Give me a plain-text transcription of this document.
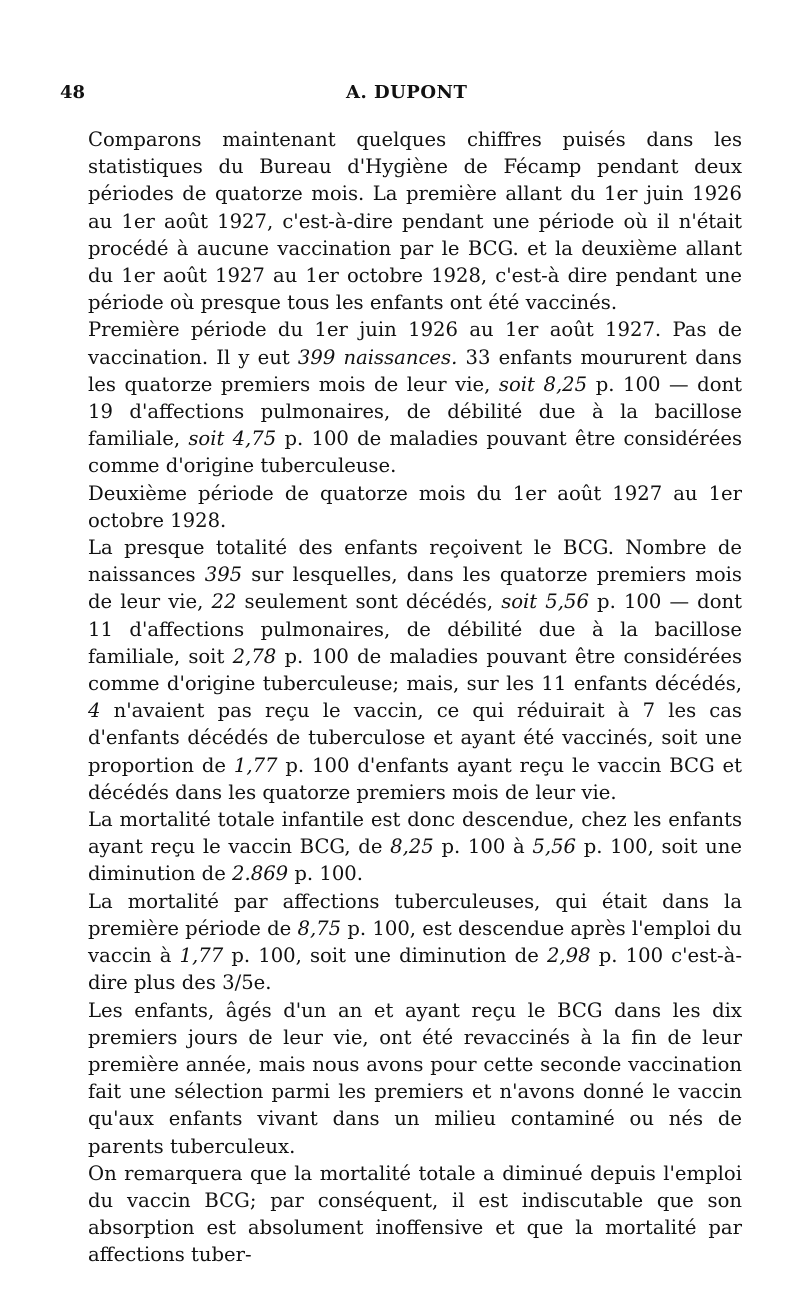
48	A. DUPONT

Comparons maintenant quelques chiffres puisés dans les statistiques du Bureau d'Hygiène de Fécamp pendant deux périodes de quatorze mois. La première allant du 1er juin 1926 au 1er août 1927, c'est-à-dire pendant une période où il n'était procédé à aucune vaccination par le BCG. et la deuxième allant du 1er août 1927 au 1er octobre 1928, c'est-à dire pendant une période où presque tous les enfants ont été vaccinés.

Première période du 1er juin 1926 au 1er août 1927. Pas de vaccination. Il y eut 399 naissances. 33 enfants moururent dans les quatorze premiers mois de leur vie, soit 8,25 p. 100 — dont 19 d'affections pulmonaires, de débilité due à la bacillose familiale, soit 4,75 p. 100 de maladies pouvant être considérées comme d'origine tuberculeuse.

Deuxième période de quatorze mois du 1er août 1927 au 1er octobre 1928.

La presque totalité des enfants reçoivent le BCG. Nombre de naissances 395 sur lesquelles, dans les quatorze premiers mois de leur vie, 22 seulement sont décédés, soit 5,56 p. 100 — dont 11 d'affections pulmonaires, de débilité due à la bacillose familiale, soit 2,78 p. 100 de maladies pouvant être considérées comme d'origine tuberculeuse; mais, sur les 11 enfants décédés, 4 n'avaient pas reçu le vaccin, ce qui réduirait à 7 les cas d'enfants décédés de tuberculose et ayant été vaccinés, soit une proportion de 1,77 p. 100 d'enfants ayant reçu le vaccin BCG et décédés dans les quatorze premiers mois de leur vie.

La mortalité totale infantile est donc descendue, chez les enfants ayant reçu le vaccin BCG, de 8,25 p. 100 à 5,56 p. 100, soit une diminution de 2.869 p. 100.

La mortalité par affections tuberculeuses, qui était dans la première période de 8,75 p. 100, est descendue après l'emploi du vaccin à 1,77 p. 100, soit une diminution de 2,98 p. 100 c'est-à-dire plus des 3/5e.

Les enfants, âgés d'un an et ayant reçu le BCG dans les dix premiers jours de leur vie, ont été revaccinés à la fin de leur première année, mais nous avons pour cette seconde vaccination fait une sélection parmi les premiers et n'avons donné le vaccin qu'aux enfants vivant dans un milieu contaminé ou nés de parents tuberculeux.

On remarquera que la mortalité totale a diminué depuis l'emploi du vaccin BCG; par conséquent, il est indiscutable que son absorption est absolument inoffensive et que la mortalité par affections tuber-
